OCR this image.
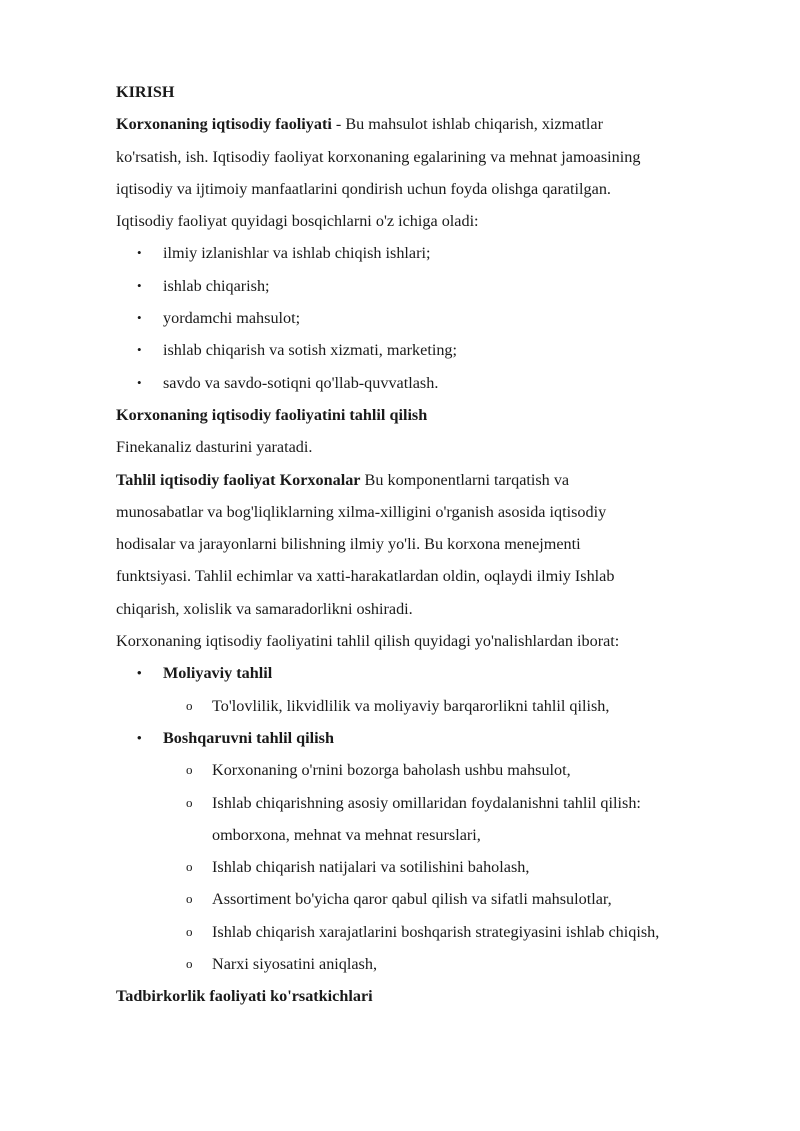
KIRISH
Korxonaning iqtisodiy faoliyati - Bu mahsulot ishlab chiqarish, xizmatlar
ko'rsatish, ish. Iqtisodiy faoliyat korxonaning egalarining va mehnat jamoasining
iqtisodiy va ijtimoiy manfaatlarini qondirish uchun foyda olishga qaratilgan.
Iqtisodiy faoliyat quyidagi bosqichlarni o'z ichiga oladi:
• ilmiy izlanishlar va ishlab chiqish ishlari;
• ishlab chiqarish;
• yordamchi mahsulot;
• ishlab chiqarish va sotish xizmati, marketing;
• savdo va savdo-sotiqni qo'llab-quvvatlash.
Korxonaning iqtisodiy faoliyatini tahlil qilish
Finekanaliz dasturini yaratadi.
Tahlil iqtisodiy faoliyat Korxonalar Bu komponentlarni tarqatish va
munosabatlar va bog'liqliklarning xilma-xilligini o'rganish asosida iqtisodiy
hodisalar va jarayonlarni bilishning ilmiy yo'li. Bu korxona menejmenti
funktsiyasi. Tahlil echimlar va xatti-harakatlardan oldin, oqlaydi ilmiy Ishlab
chiqarish, xolislik va samaradorlikni oshiradi.
Korxonaning iqtisodiy faoliyatini tahlil qilish quyidagi yo'nalishlardan iborat:
• Moliyaviy tahlil
o To'lovlilik, likvidlilik va moliyaviy barqarorlikni tahlil qilish,
• Boshqaruvni tahlil qilish
o Korxonaning o'rnini bozorga baholash ushbu mahsulot,
o Ishlab chiqarishning asosiy omillaridan foydalanishni tahlil qilish:
omborxona, mehnat va mehnat resurslari,
o Ishlab chiqarish natijalari va sotilishini baholash,
o Assortiment bo'yicha qaror qabul qilish va sifatli mahsulotlar,
o Ishlab chiqarish xarajatlarini boshqarish strategiyasini ishlab chiqish,
o Narxi siyosatini aniqlash,
Tadbirkorlik faoliyati ko'rsatkichlari
